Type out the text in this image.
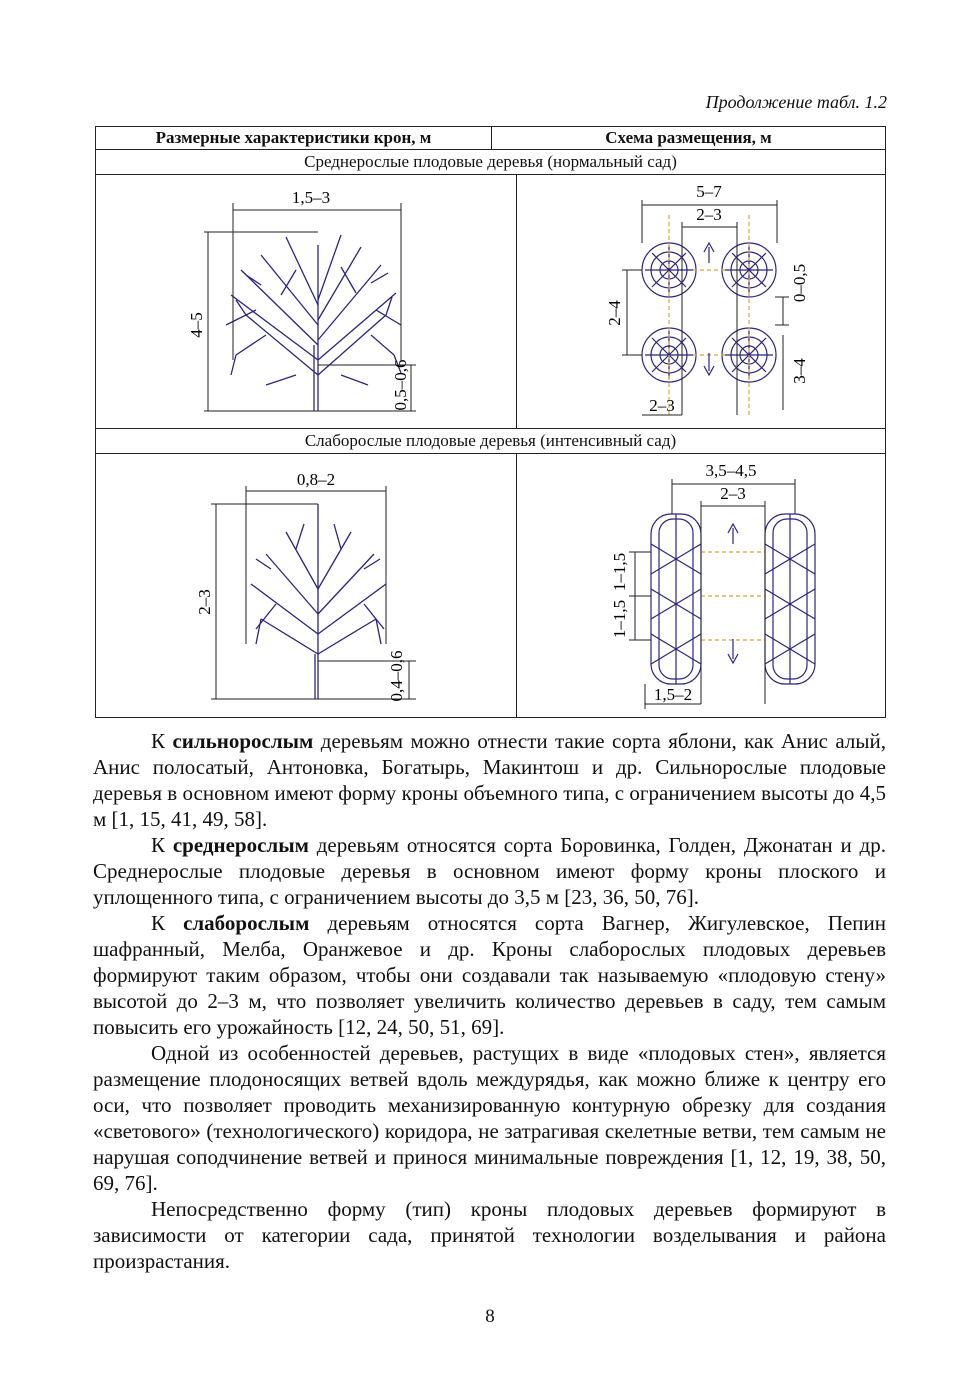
Продолжение табл. 1.2
Размерные характеристики крон, м	Схема размещения, м
Среднерослые плодовые деревья (нормальный сад)
1,5–3
4–5
0,5–0,6
5–7
2–3
2–4
0–0,5
3–4
2–3
Слаборослые плодовые деревья (интенсивный сад)
0,8–2
2–3
0,4–0,6
3,5–4,5
2–3
1–1,5
1–1,5
1,5–2

К сильнорослым деревьям можно отнести такие сорта яблони, как Анис алый, Анис полосатый, Антоновка, Богатырь, Макинтош и др. Сильнорослые плодовые деревья в основном имеют форму кроны объемного типа, с ограничением высоты до 4,5 м [1, 15, 41, 49, 58].

К среднерослым деревьям относятся сорта Боровинка, Голден, Джонатан и др. Среднерослые плодовые деревья в основном имеют форму кроны плоского и уплощенного типа, с ограничением высоты до 3,5 м [23, 36, 50, 76].

К слаборослым деревьям относятся сорта Вагнер, Жигулевское, Пепин шафранный, Мелба, Оранжевое и др. Кроны слаборослых плодовых деревьев формируют таким образом, чтобы они создавали так называемую «плодовую стену» высотой до 2–3 м, что позволяет увеличить количество деревьев в саду, тем самым повысить его урожайность [12, 24, 50, 51, 69].

Одной из особенностей деревьев, растущих в виде «плодовых стен», является размещение плодоносящих ветвей вдоль междурядья, как можно ближе к центру его оси, что позволяет проводить механизированную контурную обрезку для создания «светового» (технологического) коридора, не затрагивая скелетные ветви, тем самым не нарушая соподчинение ветвей и принося минимальные повреждения [1, 12, 19, 38, 50, 69, 76].

Непосредственно форму (тип) кроны плодовых деревьев формируют в зависимости от категории сада, принятой технологии возделывания и района произрастания.

8
